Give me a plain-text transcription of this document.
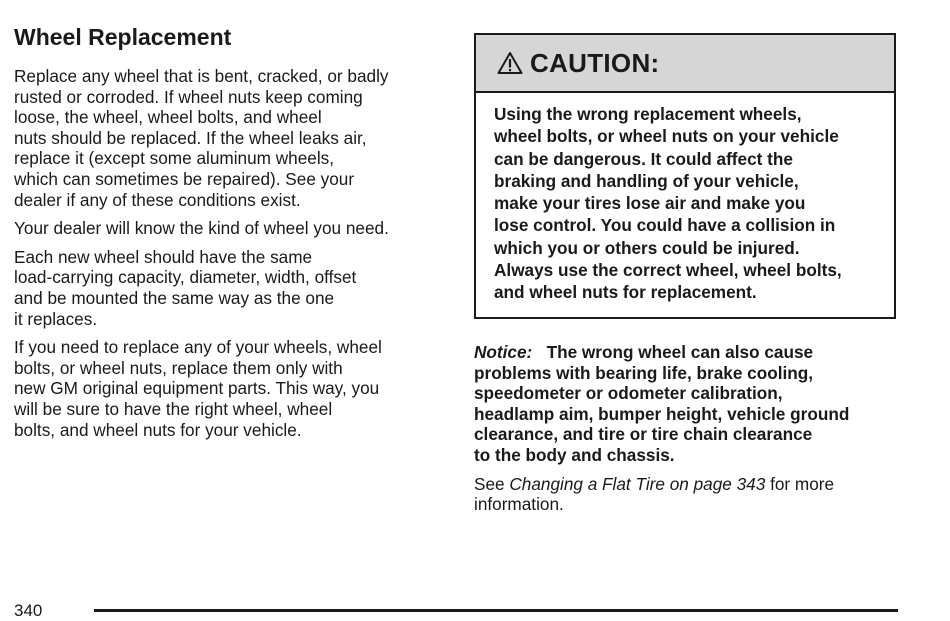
Wheel Replacement

Replace any wheel that is bent, cracked, or badly
rusted or corroded. If wheel nuts keep coming
loose, the wheel, wheel bolts, and wheel
nuts should be replaced. If the wheel leaks air,
replace it (except some aluminum wheels,
which can sometimes be repaired). See your
dealer if any of these conditions exist.

Your dealer will know the kind of wheel you need.

Each new wheel should have the same
load-carrying capacity, diameter, width, offset
and be mounted the same way as the one
it replaces.

If you need to replace any of your wheels, wheel
bolts, or wheel nuts, replace them only with
new GM original equipment parts. This way, you
will be sure to have the right wheel, wheel
bolts, and wheel nuts for your vehicle.

CAUTION:
Using the wrong replacement wheels,
wheel bolts, or wheel nuts on your vehicle
can be dangerous. It could affect the
braking and handling of your vehicle,
make your tires lose air and make you
lose control. You could have a collision in
which you or others could be injured.
Always use the correct wheel, wheel bolts,
and wheel nuts for replacement.

Notice: The wrong wheel can also cause
problems with bearing life, brake cooling,
speedometer or odometer calibration,
headlamp aim, bumper height, vehicle ground
clearance, and tire or tire chain clearance
to the body and chassis.

See Changing a Flat Tire on page 343 for more
information.

340
